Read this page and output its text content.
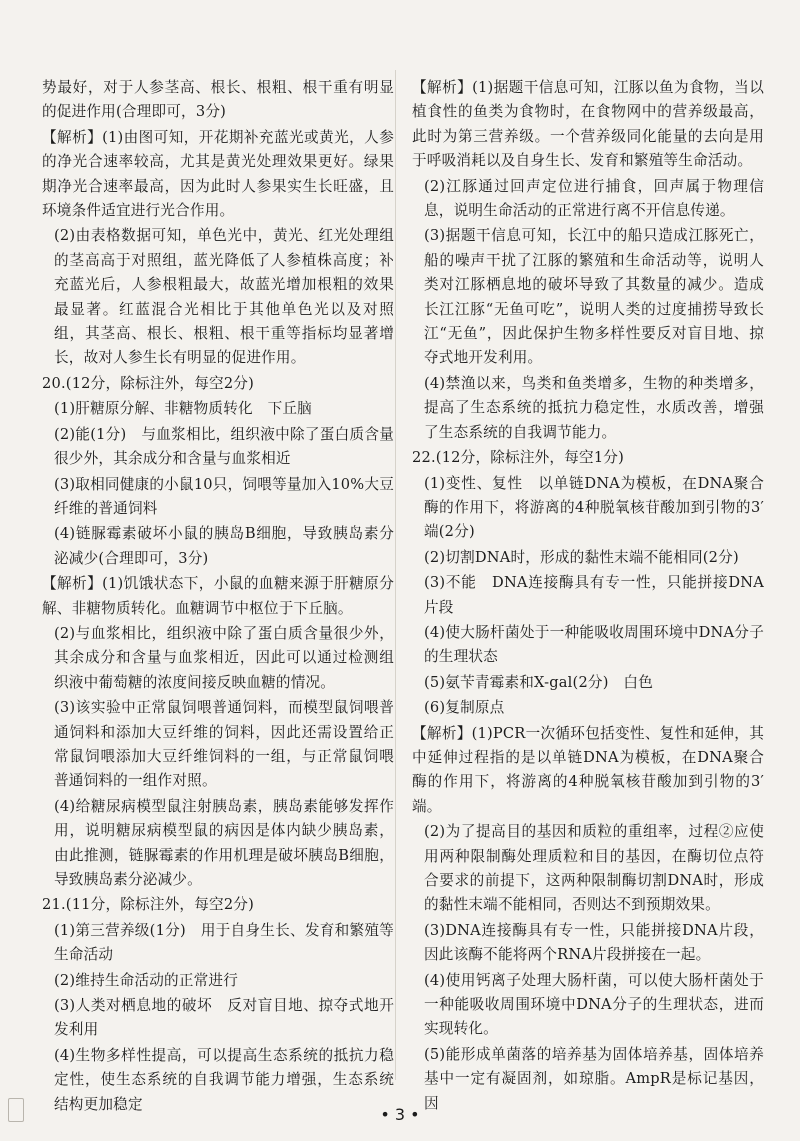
势最好，对于人参茎高、根长、根粗、根干重有明显的促进作用(合理即可，3分)

【解析】(1)由图可知，开花期补充蓝光或黄光，人参的净光合速率较高，尤其是黄光处理效果更好。绿果期净光合速率最高，因为此时人参果实生长旺盛，且环境条件适宜进行光合作用。

(2)由表格数据可知，单色光中，黄光、红光处理组的茎高高于对照组，蓝光降低了人参植株高度；补充蓝光后，人参根粗最大，故蓝光增加根粗的效果最显著。红蓝混合光相比于其他单色光以及对照组，其茎高、根长、根粗、根干重等指标均显著增长，故对人参生长有明显的促进作用。

20.(12分，除标注外，每空2分)

(1)肝糖原分解、非糖物质转化　下丘脑

(2)能(1分)　与血浆相比，组织液中除了蛋白质含量很少外，其余成分和含量与血浆相近

(3)取相同健康的小鼠10只，饲喂等量加入10%大豆纤维的普通饲料

(4)链脲霉素破坏小鼠的胰岛B细胞，导致胰岛素分泌减少(合理即可，3分)

【解析】(1)饥饿状态下，小鼠的血糖来源于肝糖原分解、非糖物质转化。血糖调节中枢位于下丘脑。

(2)与血浆相比，组织液中除了蛋白质含量很少外，其余成分和含量与血浆相近，因此可以通过检测组织液中葡萄糖的浓度间接反映血糖的情况。

(3)该实验中正常鼠饲喂普通饲料，而模型鼠饲喂普通饲料和添加大豆纤维的饲料，因此还需设置给正常鼠饲喂添加大豆纤维饲料的一组，与正常鼠饲喂普通饲料的一组作对照。

(4)给糖尿病模型鼠注射胰岛素，胰岛素能够发挥作用，说明糖尿病模型鼠的病因是体内缺少胰岛素，由此推测，链脲霉素的作用机理是破坏胰岛B细胞，导致胰岛素分泌减少。

21.(11分，除标注外，每空2分)

(1)第三营养级(1分)　用于自身生长、发育和繁殖等生命活动

(2)维持生命活动的正常进行

(3)人类对栖息地的破坏　反对盲目地、掠夺式地开发利用

(4)生物多样性提高，可以提高生态系统的抵抗力稳定性，使生态系统的自我调节能力增强，生态系统结构更加稳定

【解析】(1)据题干信息可知，江豚以鱼为食物，当以植食性的鱼类为食物时，在食物网中的营养级最高，此时为第三营养级。一个营养级同化能量的去向是用于呼吸消耗以及自身生长、发育和繁殖等生命活动。

(2)江豚通过回声定位进行捕食，回声属于物理信息，说明生命活动的正常进行离不开信息传递。

(3)据题干信息可知，长江中的船只造成江豚死亡，船的噪声干扰了江豚的繁殖和生命活动等，说明人类对江豚栖息地的破坏导致了其数量的减少。造成长江江豚“无鱼可吃”，说明人类的过度捕捞导致长江“无鱼”，因此保护生物多样性要反对盲目地、掠夺式地开发利用。

(4)禁渔以来，鸟类和鱼类增多，生物的种类增多，提高了生态系统的抵抗力稳定性，水质改善，增强了生态系统的自我调节能力。

22.(12分，除标注外，每空1分)

(1)变性、复性　以单链DNA为模板，在DNA聚合酶的作用下，将游离的4种脱氧核苷酸加到引物的3′端(2分)

(2)切割DNA时，形成的黏性末端不能相同(2分)

(3)不能　DNA连接酶具有专一性，只能拼接DNA片段

(4)使大肠杆菌处于一种能吸收周围环境中DNA分子的生理状态

(5)氨苄青霉素和X-gal(2分)　白色

(6)复制原点

【解析】(1)PCR一次循环包括变性、复性和延伸，其中延伸过程指的是以单链DNA为模板，在DNA聚合酶的作用下，将游离的4种脱氧核苷酸加到引物的3′端。

(2)为了提高目的基因和质粒的重组率，过程②应使用两种限制酶处理质粒和目的基因，在酶切位点符合要求的前提下，这两种限制酶切割DNA时，形成的黏性末端不能相同，否则达不到预期效果。

(3)DNA连接酶具有专一性，只能拼接DNA片段，因此该酶不能将两个RNA片段拼接在一起。

(4)使用钙离子处理大肠杆菌，可以使大肠杆菌处于一种能吸收周围环境中DNA分子的生理状态，进而实现转化。

(5)能形成单菌落的培养基为固体培养基，固体培养基中一定有凝固剂，如琼脂。AmpR是标记基因，因

• 3 •
